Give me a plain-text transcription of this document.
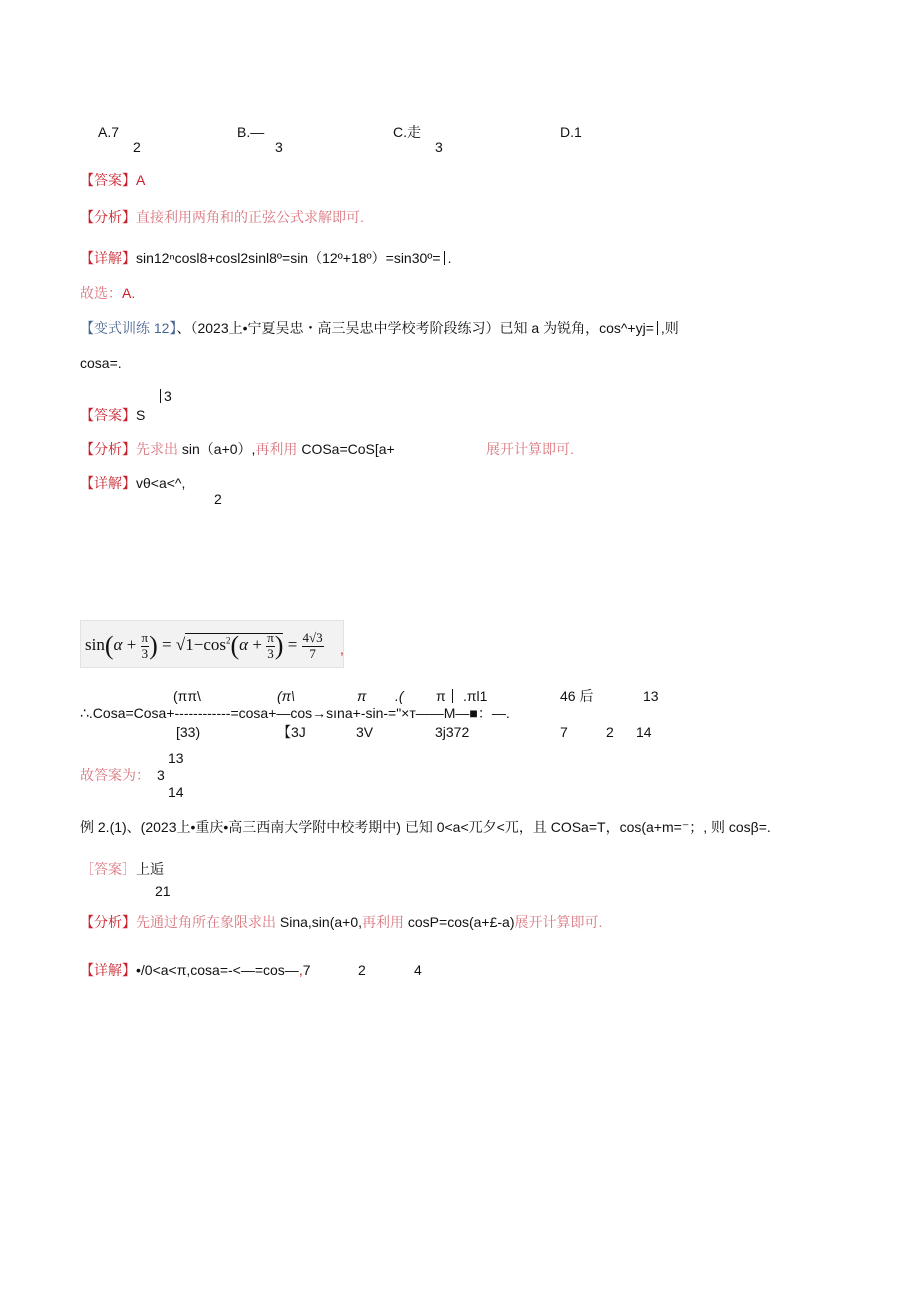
A.7
2
B.—
3
C.走
3
D.1
【答案】A
【分析】直接利用两角和的正弦公式求解即可.
【详解】sin12ⁿcosl8+cosl2sinl8º=sin（12º+18º）=sin30º= .
故选：A.
【变式训练 12】、（2023上•宁夏吴忠・高三吴忠中学校考阶段练习）已知 a 为锐角，cos^+yj= ,则
cosa=.
3
【答案】S
【分析】先求出 sin（a+0）,再利用 COSa=CoS[a+	展开计算即可.
【详解】vθ<a<^,
2
$\sin(\alpha + \frac{\pi}{3}$ ) = $√1-\cos^2(\alpha + \frac{\pi}{3}$ ) = $\frac{4√3}{7}$ ,
(ππ\	(π\	π .( π .πl1	46 后	13
∴.Cosa=Cosa+------------=cosa+—cos→sına+-sin-="×т——M—■：—.
[33)	【3J	3V	3j372	7	2 14
13
故答案为： 3
14
例 2.(1)、(2023上•重庆•高三西南大学附中校考期中) 已知 0<a<兀夕<兀，且 COSa=T，cos(a+m=⁻；, 则 cosβ=.
［答案］上逅
21
【分析】先通过角所在象限求出 Sina,sin(a+0,再利用 cosP=cos(a+£-a)展开计算即可.
【详解】•/0<a<π,cosa=-<—=cos—,7	2	4
